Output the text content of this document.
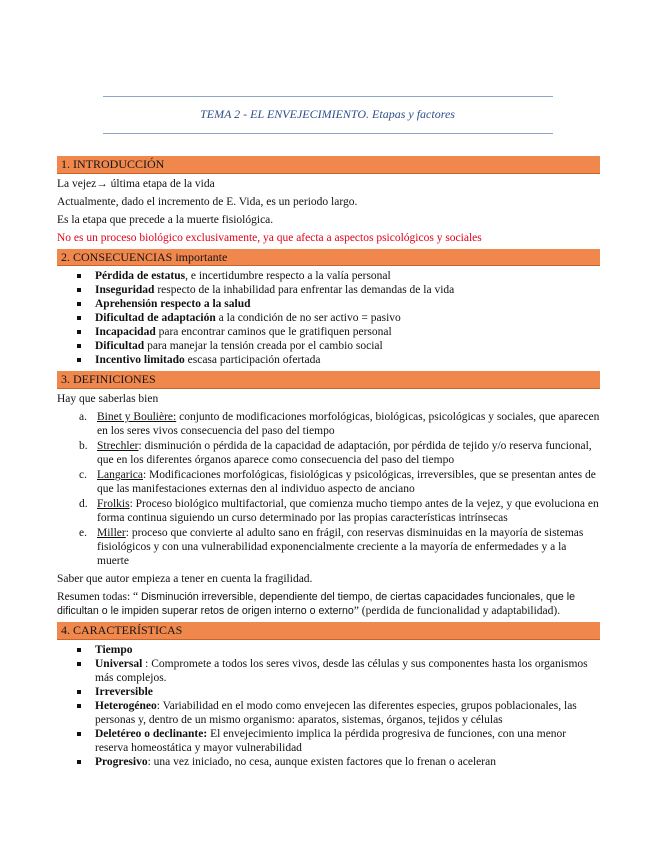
TEMA 2 - EL ENVEJECIMIENTO. Etapas y factores
1. INTRODUCCIÓN

La vejez→ última etapa de la vida

Actualmente, dado el incremento de E. Vida, es un periodo largo.

Es la etapa que precede a la muerte fisiológica.

No es un proceso biológico exclusivamente, ya que afecta a aspectos psicológicos y sociales

2. CONSECUENCIAS importante
Pérdida de estatus, e incertidumbre respecto a la valía personal
Inseguridad respecto de la inhabilidad para enfrentar las demandas de la vida
Aprehensión respecto a la salud
Dificultad de adaptación a la condición de no ser activo = pasivo
Incapacidad para encontrar caminos que le gratifiquen personal
Dificultad para manejar la tensión creada por el cambio social
Incentivo limitado escasa participación ofertada
3. DEFINICIONES

Hay que saberlas bien

a. Binet y Boulière: conjunto de modificaciones morfológicas, biológicas, psicológicas y sociales, que aparecen en los seres vivos consecuencia del paso del tiempo
b. Strechler: disminución o pérdida de la capacidad de adaptación, por pérdida de tejido y/o reserva funcional, que en los diferentes órganos aparece como consecuencia del paso del tiempo
c. Langarica: Modificaciones morfológicas, fisiológicas y psicológicas, irreversibles, que se presentan antes de que las manifestaciones externas den al individuo aspecto de anciano
d. Frolkis: Proceso biológico multifactorial, que comienza mucho tiempo antes de la vejez, y que evoluciona en forma continua siguiendo un curso determinado por las propias características intrínsecas
e. Miller: proceso que convierte al adulto sano en frágil, con reservas disminuidas en la mayoría de sistemas fisiológicos y con una vulnerabilidad exponencialmente creciente a la mayoría de enfermedades y a la muerte

Saber que autor empieza a tener en cuenta la fragilidad.

Resumen todas: “ Disminución irreversible, dependiente del tiempo, de ciertas capacidades funcionales, que le dificultan o le impiden superar retos de origen interno o externo” (perdida de funcionalidad y adaptabilidad).

4. CARACTERÍSTICAS
Tiempo
Universal : Compromete a todos los seres vivos, desde las células y sus componentes hasta los organismos más complejos.
Irreversible
Heterogéneo: Variabilidad en el modo como envejecen las diferentes especies, grupos poblacionales, las personas y, dentro de un mismo organismo: aparatos, sistemas, órganos, tejidos y células
Deletéreo o declinante: El envejecimiento implica la pérdida progresiva de funciones, con una menor reserva homeostática y mayor vulnerabilidad
Progresivo: una vez iniciado, no cesa, aunque existen factores que lo frenan o aceleran
